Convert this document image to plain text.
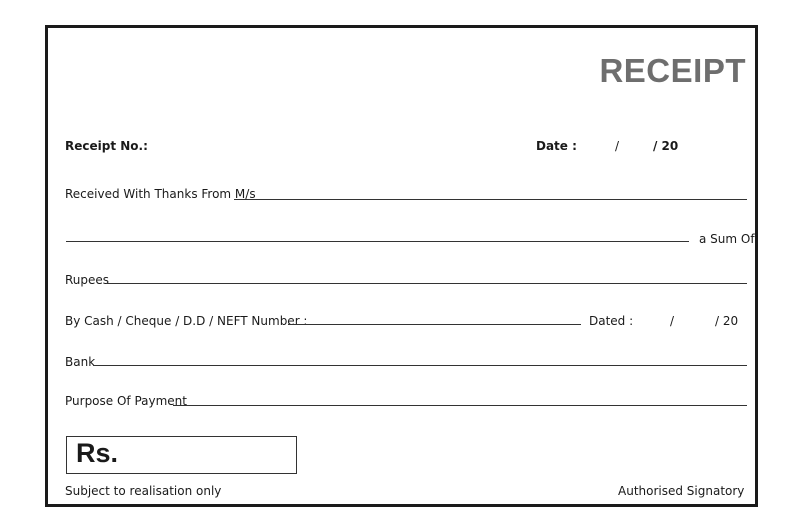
RECEIPT
Receipt No.:	Date :	/	/ 20
Received With Thanks From M/s
a Sum Of
Rupees
By Cash / Cheque / D.D / NEFT Number :	Dated :	/	/ 20
Bank
Purpose Of Payment
Rs.
Subject to realisation only	Authorised Signatory
